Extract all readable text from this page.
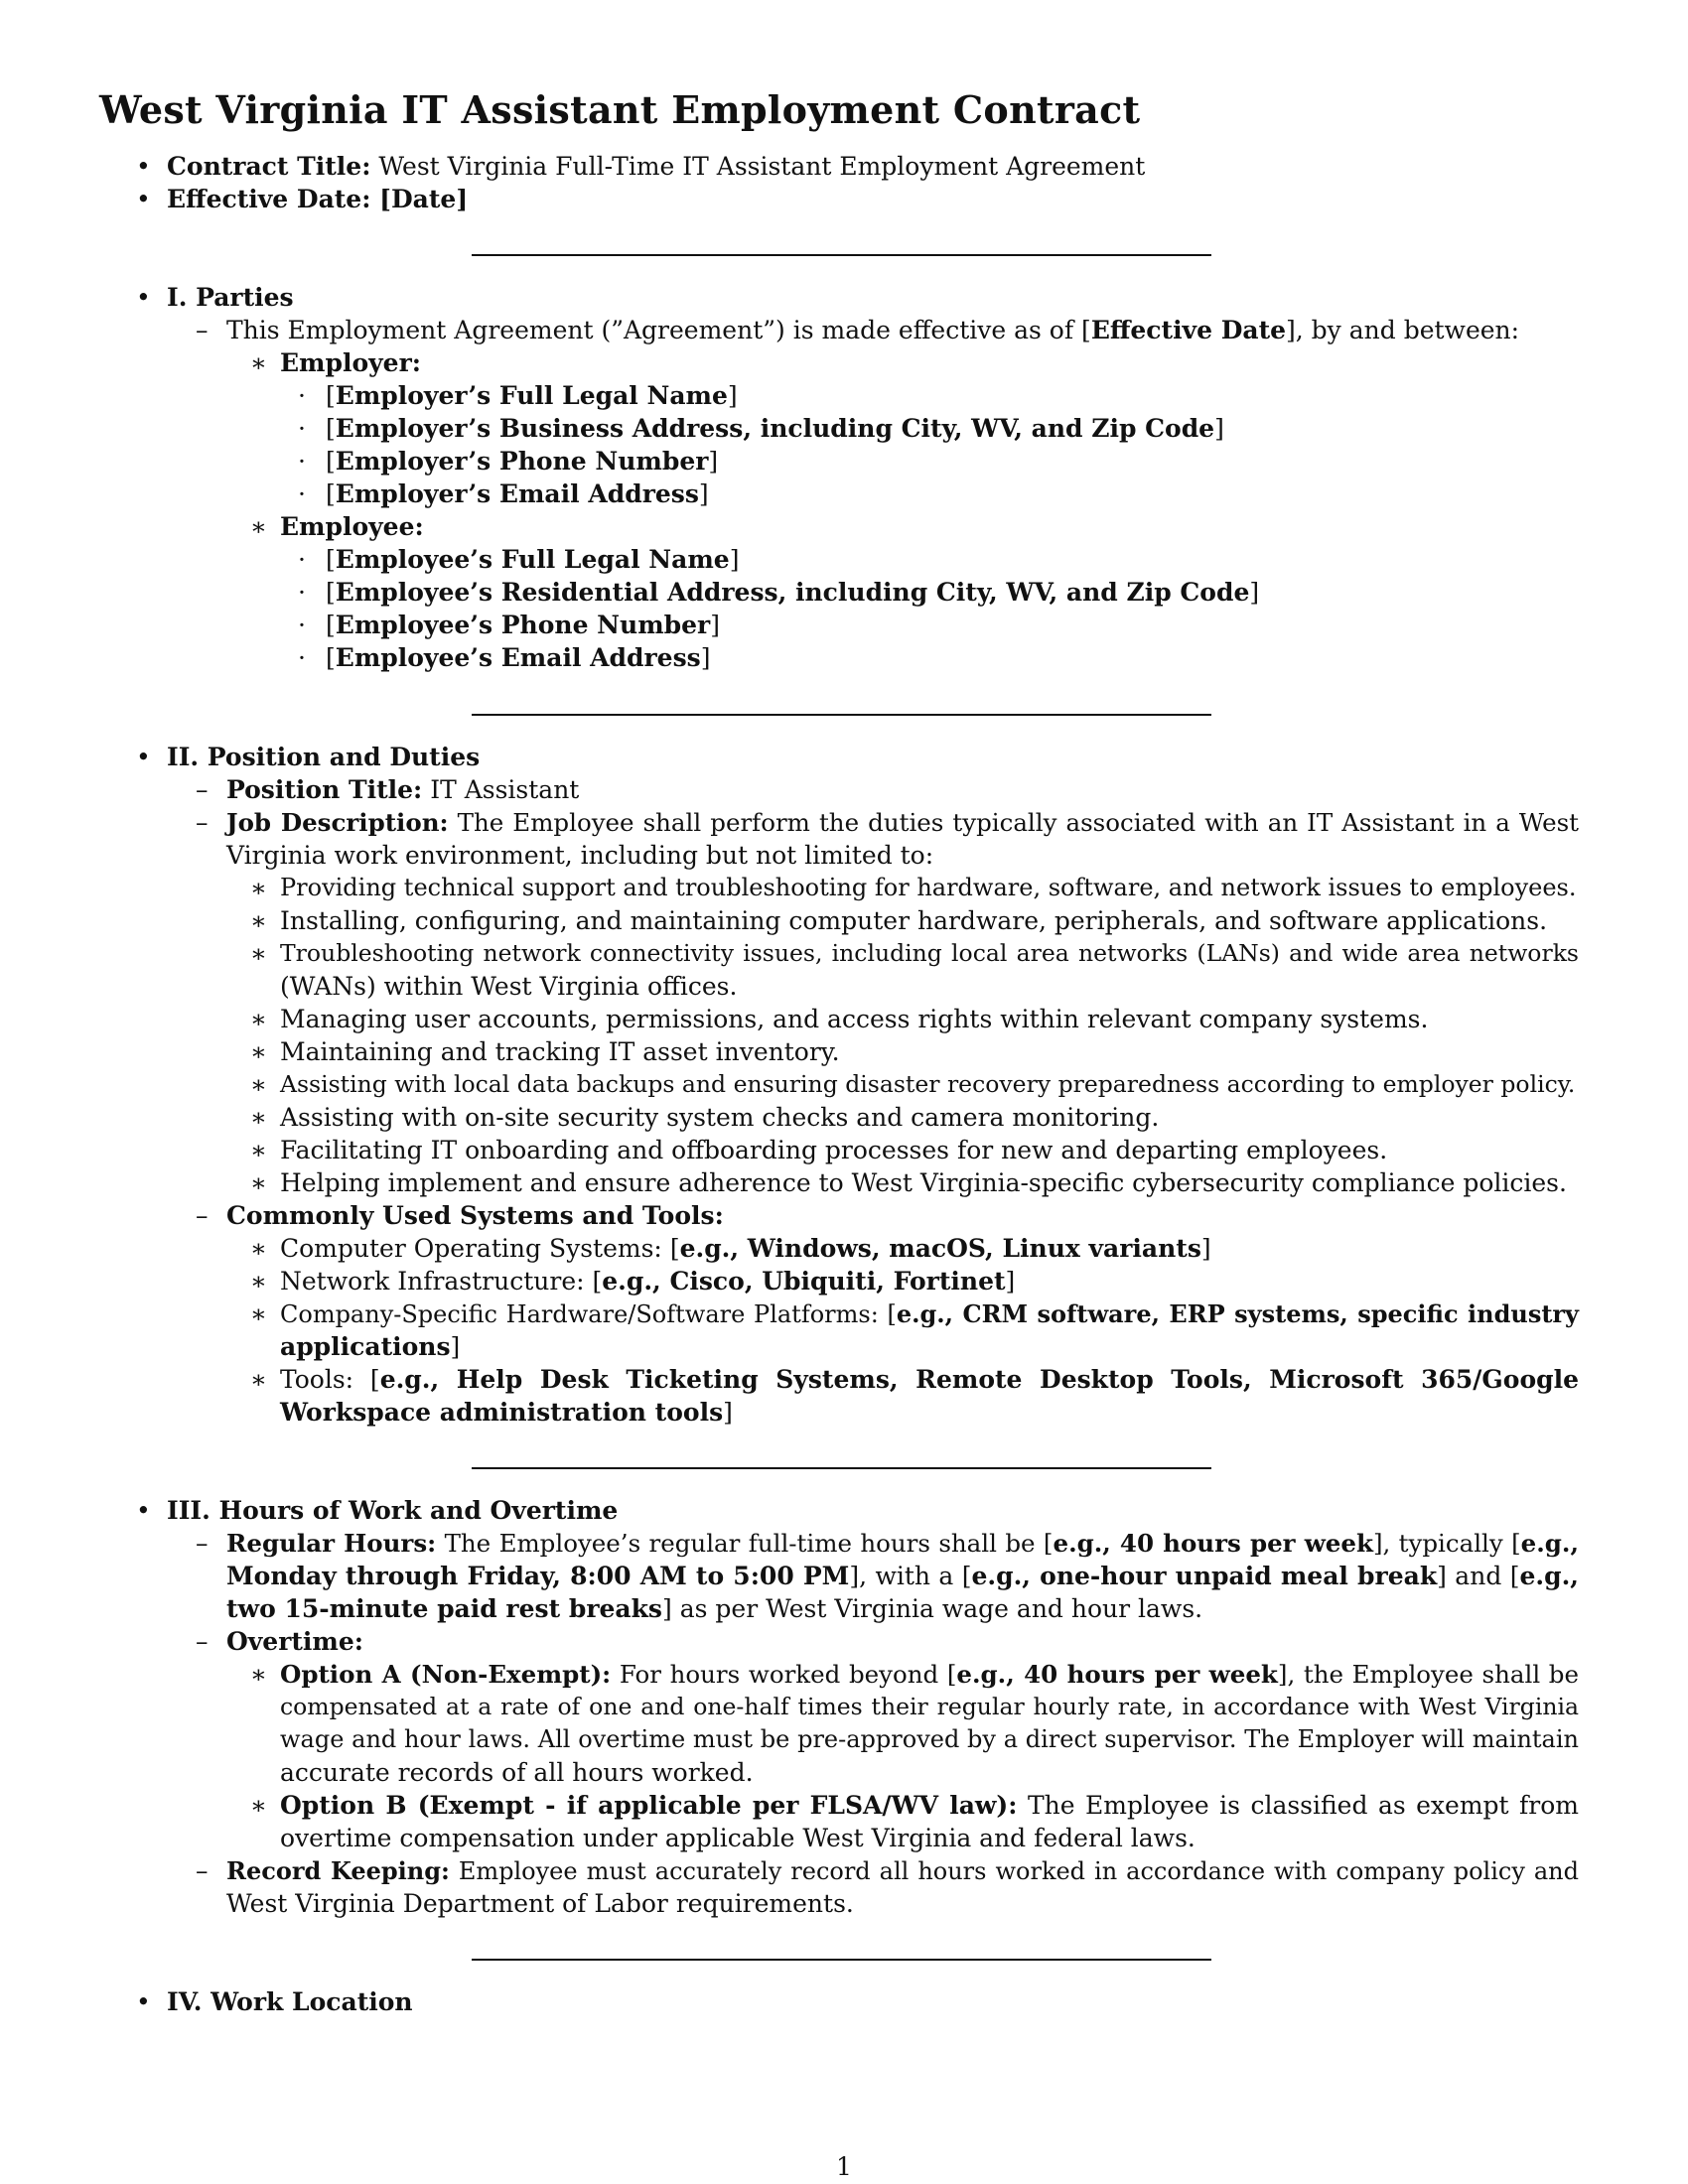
West Virginia IT Assistant Employment Contract
• Contract Title: West Virginia Full-Time IT Assistant Employment Agreement
• Effective Date: [Date]
• I. Parties
– This Employment Agreement (”Agreement”) is made effective as of [Effective Date], by and between:
∗ Employer:
· [Employer’s Full Legal Name]
· [Employer’s Business Address, including City, WV, and Zip Code]
· [Employer’s Phone Number]
· [Employer’s Email Address]
∗ Employee:
· [Employee’s Full Legal Name]
· [Employee’s Residential Address, including City, WV, and Zip Code]
· [Employee’s Phone Number]
· [Employee’s Email Address]
• II. Position and Duties
– Position Title: IT Assistant
– Job Description: The Employee shall perform the duties typically associated with an IT Assistant in a West
Virginia work environment, including but not limited to:
∗ Providing technical support and troubleshooting for hardware, software, and network issues to employees.
∗ Installing, configuring, and maintaining computer hardware, peripherals, and software applications.
∗ Troubleshooting network connectivity issues, including local area networks (LANs) and wide area networks
(WANs) within West Virginia offices.
∗ Managing user accounts, permissions, and access rights within relevant company systems.
∗ Maintaining and tracking IT asset inventory.
∗ Assisting with local data backups and ensuring disaster recovery preparedness according to employer policy.
∗ Assisting with on-site security system checks and camera monitoring.
∗ Facilitating IT onboarding and offboarding processes for new and departing employees.
∗ Helping implement and ensure adherence to West Virginia-specific cybersecurity compliance policies.
– Commonly Used Systems and Tools:
∗ Computer Operating Systems: [e.g., Windows, macOS, Linux variants]
∗ Network Infrastructure: [e.g., Cisco, Ubiquiti, Fortinet]
∗ Company-Specific Hardware/Software Platforms: [e.g., CRM software, ERP systems, specific industry
applications]
∗ Tools: [e.g., Help Desk Ticketing Systems, Remote Desktop Tools, Microsoft 365/Google
Workspace administration tools]
• III. Hours of Work and Overtime
– Regular Hours: The Employee’s regular full-time hours shall be [e.g., 40 hours per week], typically [e.g.,
Monday through Friday, 8:00 AM to 5:00 PM], with a [e.g., one-hour unpaid meal break] and [e.g.,
two 15-minute paid rest breaks] as per West Virginia wage and hour laws.
– Overtime:
∗ Option A (Non-Exempt): For hours worked beyond [e.g., 40 hours per week], the Employee shall be
compensated at a rate of one and one-half times their regular hourly rate, in accordance with West Virginia
wage and hour laws. All overtime must be pre-approved by a direct supervisor. The Employer will maintain
accurate records of all hours worked.
∗ Option B (Exempt - if applicable per FLSA/WV law): The Employee is classified as exempt from
overtime compensation under applicable West Virginia and federal laws.
– Record Keeping: Employee must accurately record all hours worked in accordance with company policy and
West Virginia Department of Labor requirements.
• IV. Work Location
1
